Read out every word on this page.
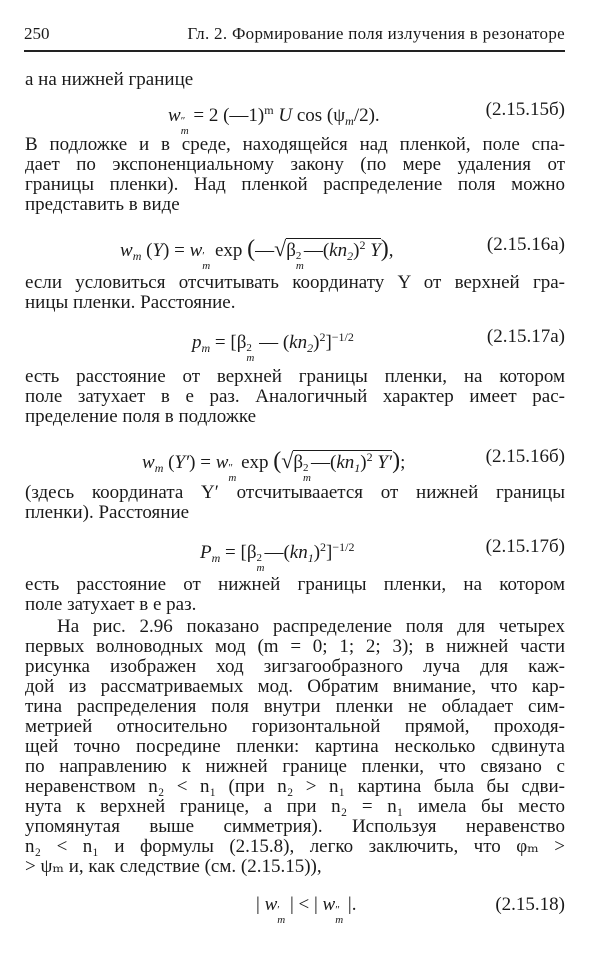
250	Гл. 2. Формирование поля излучения в резонаторе
а на нижней границе
w ″
m
= 2 (—1)$^m$ U $\cos (\psi_m/2)$.	(2.15.15б)
В подложке и в среде, находящейся над пленкой, поле спа-
дает по экспоненциальному закону (по мере удаления от
границы пленки). Над пленкой распределение поля можно
представить в виде
$w_m$ (Y) = w ′
m
exp (—√β 2
m
$—(kn_2)^2$ Y),	(2.15.16а)
если условиться отсчитывать координату Y от верхней гра-
ницы пленки. Расстояние.
$p_m = [\beta$ 2
m
— $(kn_2)^2]^{-1/2}$	(2.15.17а)
есть расстояние от верхней границы пленки, на котором
поле затухает в e раз. Аналогичный характер имеет рас-
пределение поля в подложке
$w_m$ (Y′) = w ″
m
exp (√β 2
m
$—(kn_1)^2$ Y′);	(2.15.16б)
(здесь координата Y′ отсчитываается от нижней границы
пленки). Расстояние
$P_m = [\beta$ 2
m
$—(kn_1)^2]^{-1/2}$	(2.15.17б)
есть расстояние от нижней границы пленки, на котором
поле затухает в e раз.
На рис. 2.96 показано распределение поля для четырех
первых волноводных мод (m = 0; 1; 2; 3); в нижней части
рисунка изображен ход зигзагообразного луча для каж-
дой из рассматриваемых мод. Обратим внимание, что кар-
тина распределения поля внутри пленки не обладает сим-
метрией относительно горизонтальной прямой, проходя-
щей точно посредине пленки: картина несколько сдвинута
по направлению к нижней границе пленки, что связано с
неравенством n₂ < n₁ (при n₂ > n₁ картина была бы сдви-
нута к верхней границе, а при n₂ = n₁ имела бы место
упомянутая выше симметрия). Используя неравенство
n₂ < n₁ и формулы (2.15.8), легко заключить, что φₘ >
> ψₘ и, как следствие (см. (2.15.15)),
| w ′
m
| < | w ″
m
|.	(2.15.18)
